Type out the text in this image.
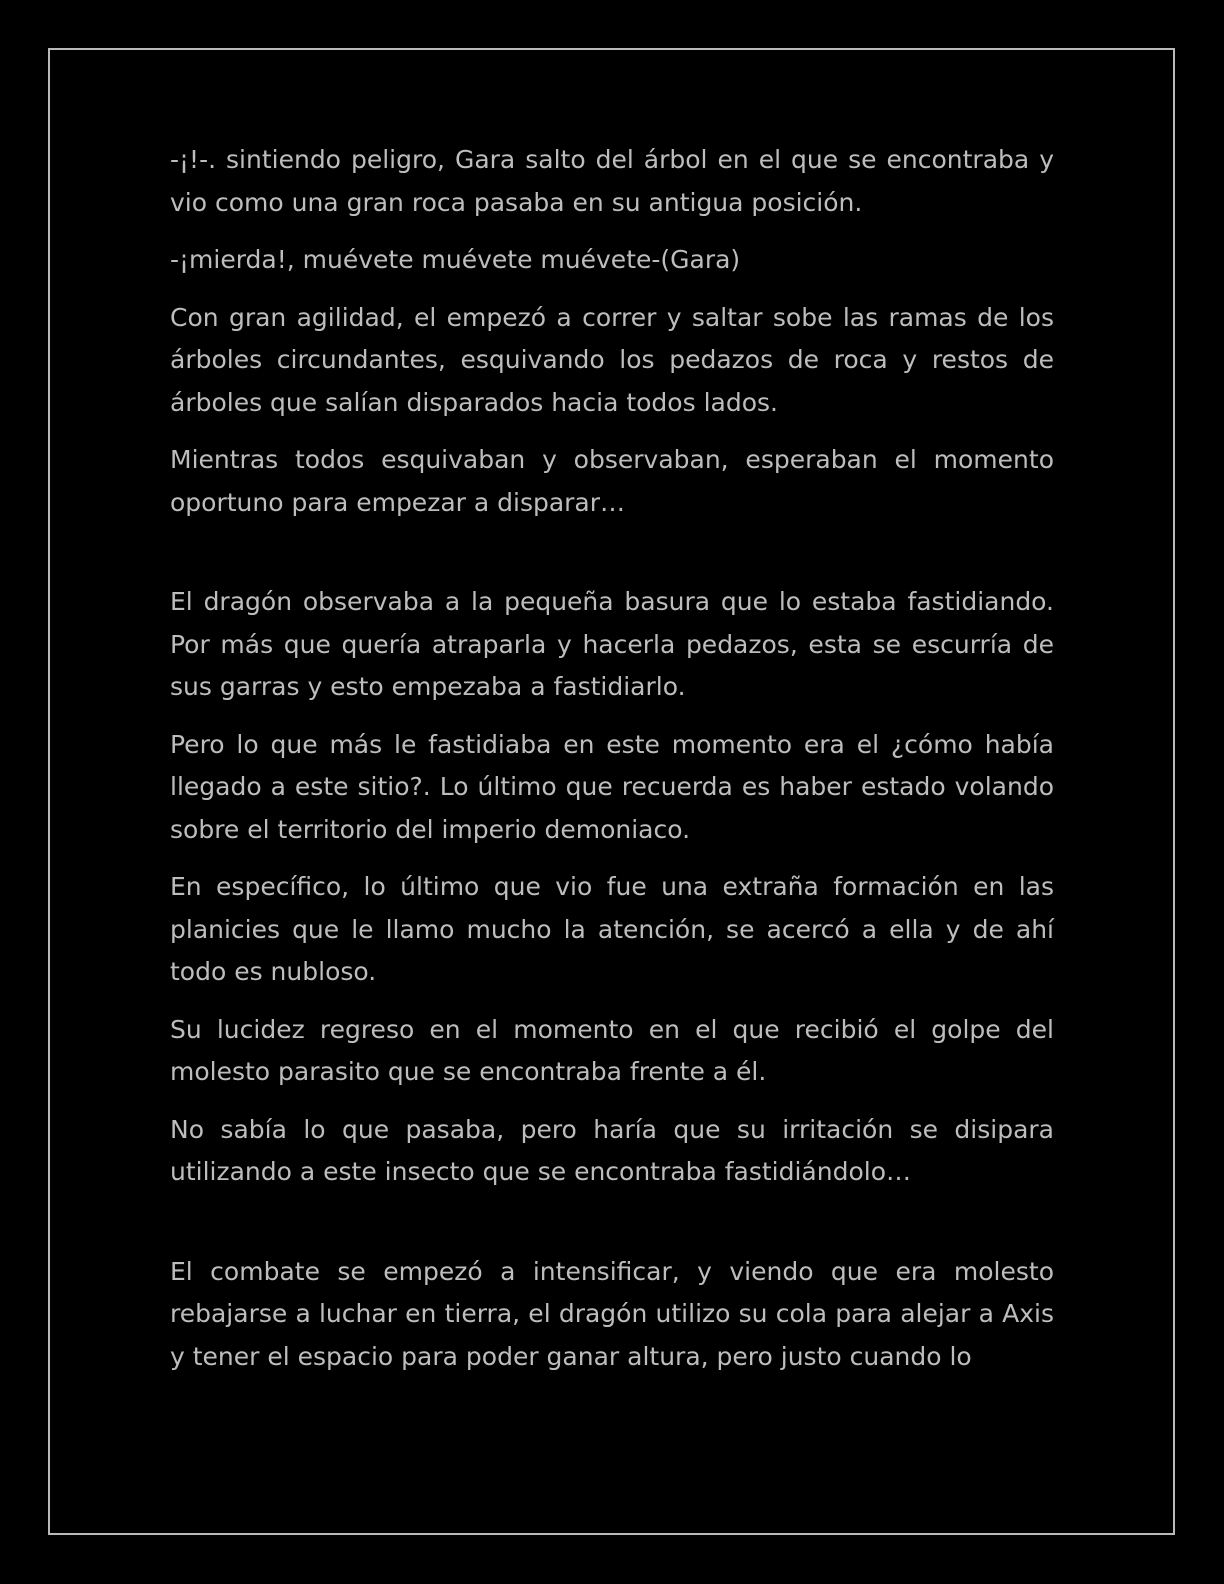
-¡!-. sintiendo peligro, Gara salto del árbol en el que se encontraba y vio como una gran roca pasaba en su antigua posición.

-¡mierda!, muévete muévete muévete-(Gara)

Con gran agilidad, el empezó a correr y saltar sobe las ramas de los árboles circundantes, esquivando los pedazos de roca y restos de árboles que salían disparados hacia todos lados.

Mientras todos esquivaban y observaban, esperaban el momento oportuno para empezar a disparar…

El dragón observaba a la pequeña basura que lo estaba fastidiando. Por más que quería atraparla y hacerla pedazos, esta se escurría de sus garras y esto empezaba a fastidiarlo.

Pero lo que más le fastidiaba en este momento era el ¿cómo había llegado a este sitio?. Lo último que recuerda es haber estado volando sobre el territorio del imperio demoniaco.

En específico, lo último que vio fue una extraña formación en las planicies que le llamo mucho la atención, se acercó a ella y de ahí todo es nubloso.

Su lucidez regreso en el momento en el que recibió el golpe del molesto parasito que se encontraba frente a él.

No sabía lo que pasaba, pero haría que su irritación se disipara utilizando a este insecto que se encontraba fastidiándolo…

El combate se empezó a intensificar, y viendo que era molesto rebajarse a luchar en tierra, el dragón utilizo su cola para alejar a Axis y tener el espacio para poder ganar altura, pero justo cuando lo
